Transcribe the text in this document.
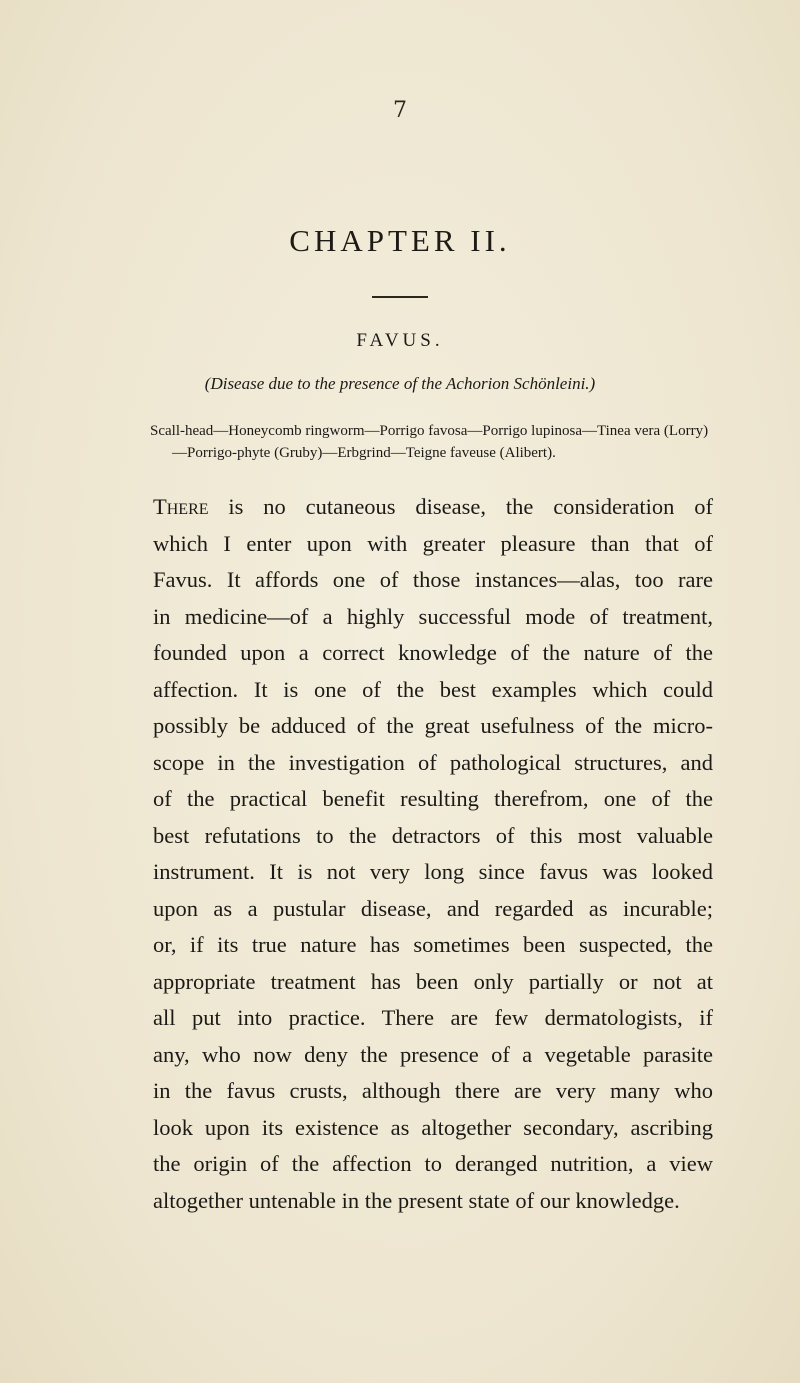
7
CHAPTER II.
FAVUS.
(Disease due to the presence of the Achorion Schönleini.)
Scall-head—Honeycomb ringworm—Porrigo favosa—Porrigo lupinosa—Tinea vera (Lorry)
—Porrigo-phyte (Gruby)—Erbgrind—Teigne faveuse (Alibert).
There is no cutaneous disease, the consideration of
which I enter upon with greater pleasure than that of
Favus. It affords one of those instances—alas, too rare
in medicine—of a highly successful mode of treatment,
founded upon a correct knowledge of the nature of the
affection. It is one of the best examples which could
possibly be adduced of the great usefulness of the micro-
scope in the investigation of pathological structures, and
of the practical benefit resulting therefrom, one of the
best refutations to the detractors of this most valuable
instrument. It is not very long since favus was looked
upon as a pustular disease, and regarded as incurable;
or, if its true nature has sometimes been suspected, the
appropriate treatment has been only partially or not at
all put into practice. There are few dermatologists, if
any, who now deny the presence of a vegetable parasite
in the favus crusts, although there are very many who
look upon its existence as altogether secondary, ascribing
the origin of the affection to deranged nutrition, a view
altogether untenable in the present state of our knowledge.
